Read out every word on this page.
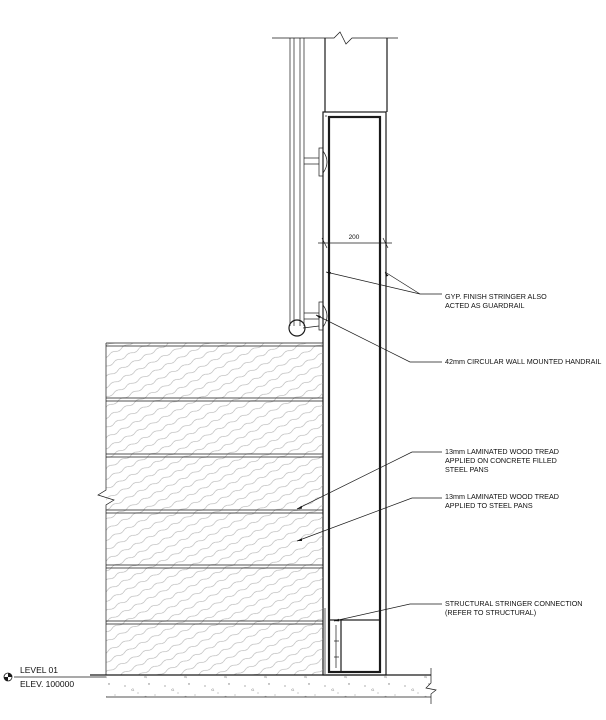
200
LEVEL 01
ELEV. 100000
GYP. FINISH STRINGER ALSO ACTED AS GUARDRAIL
42mm CIRCULAR WALL MOUNTED HANDRAIL
13mm LAMINATED WOOD TREAD APPLIED ON CONCRETE FILLED STEEL PANS
13mm LAMINATED WOOD TREAD APPLIED TO STEEL PANS
STRUCTURAL STRINGER CONNECTION (REFER TO STRUCTURAL)
